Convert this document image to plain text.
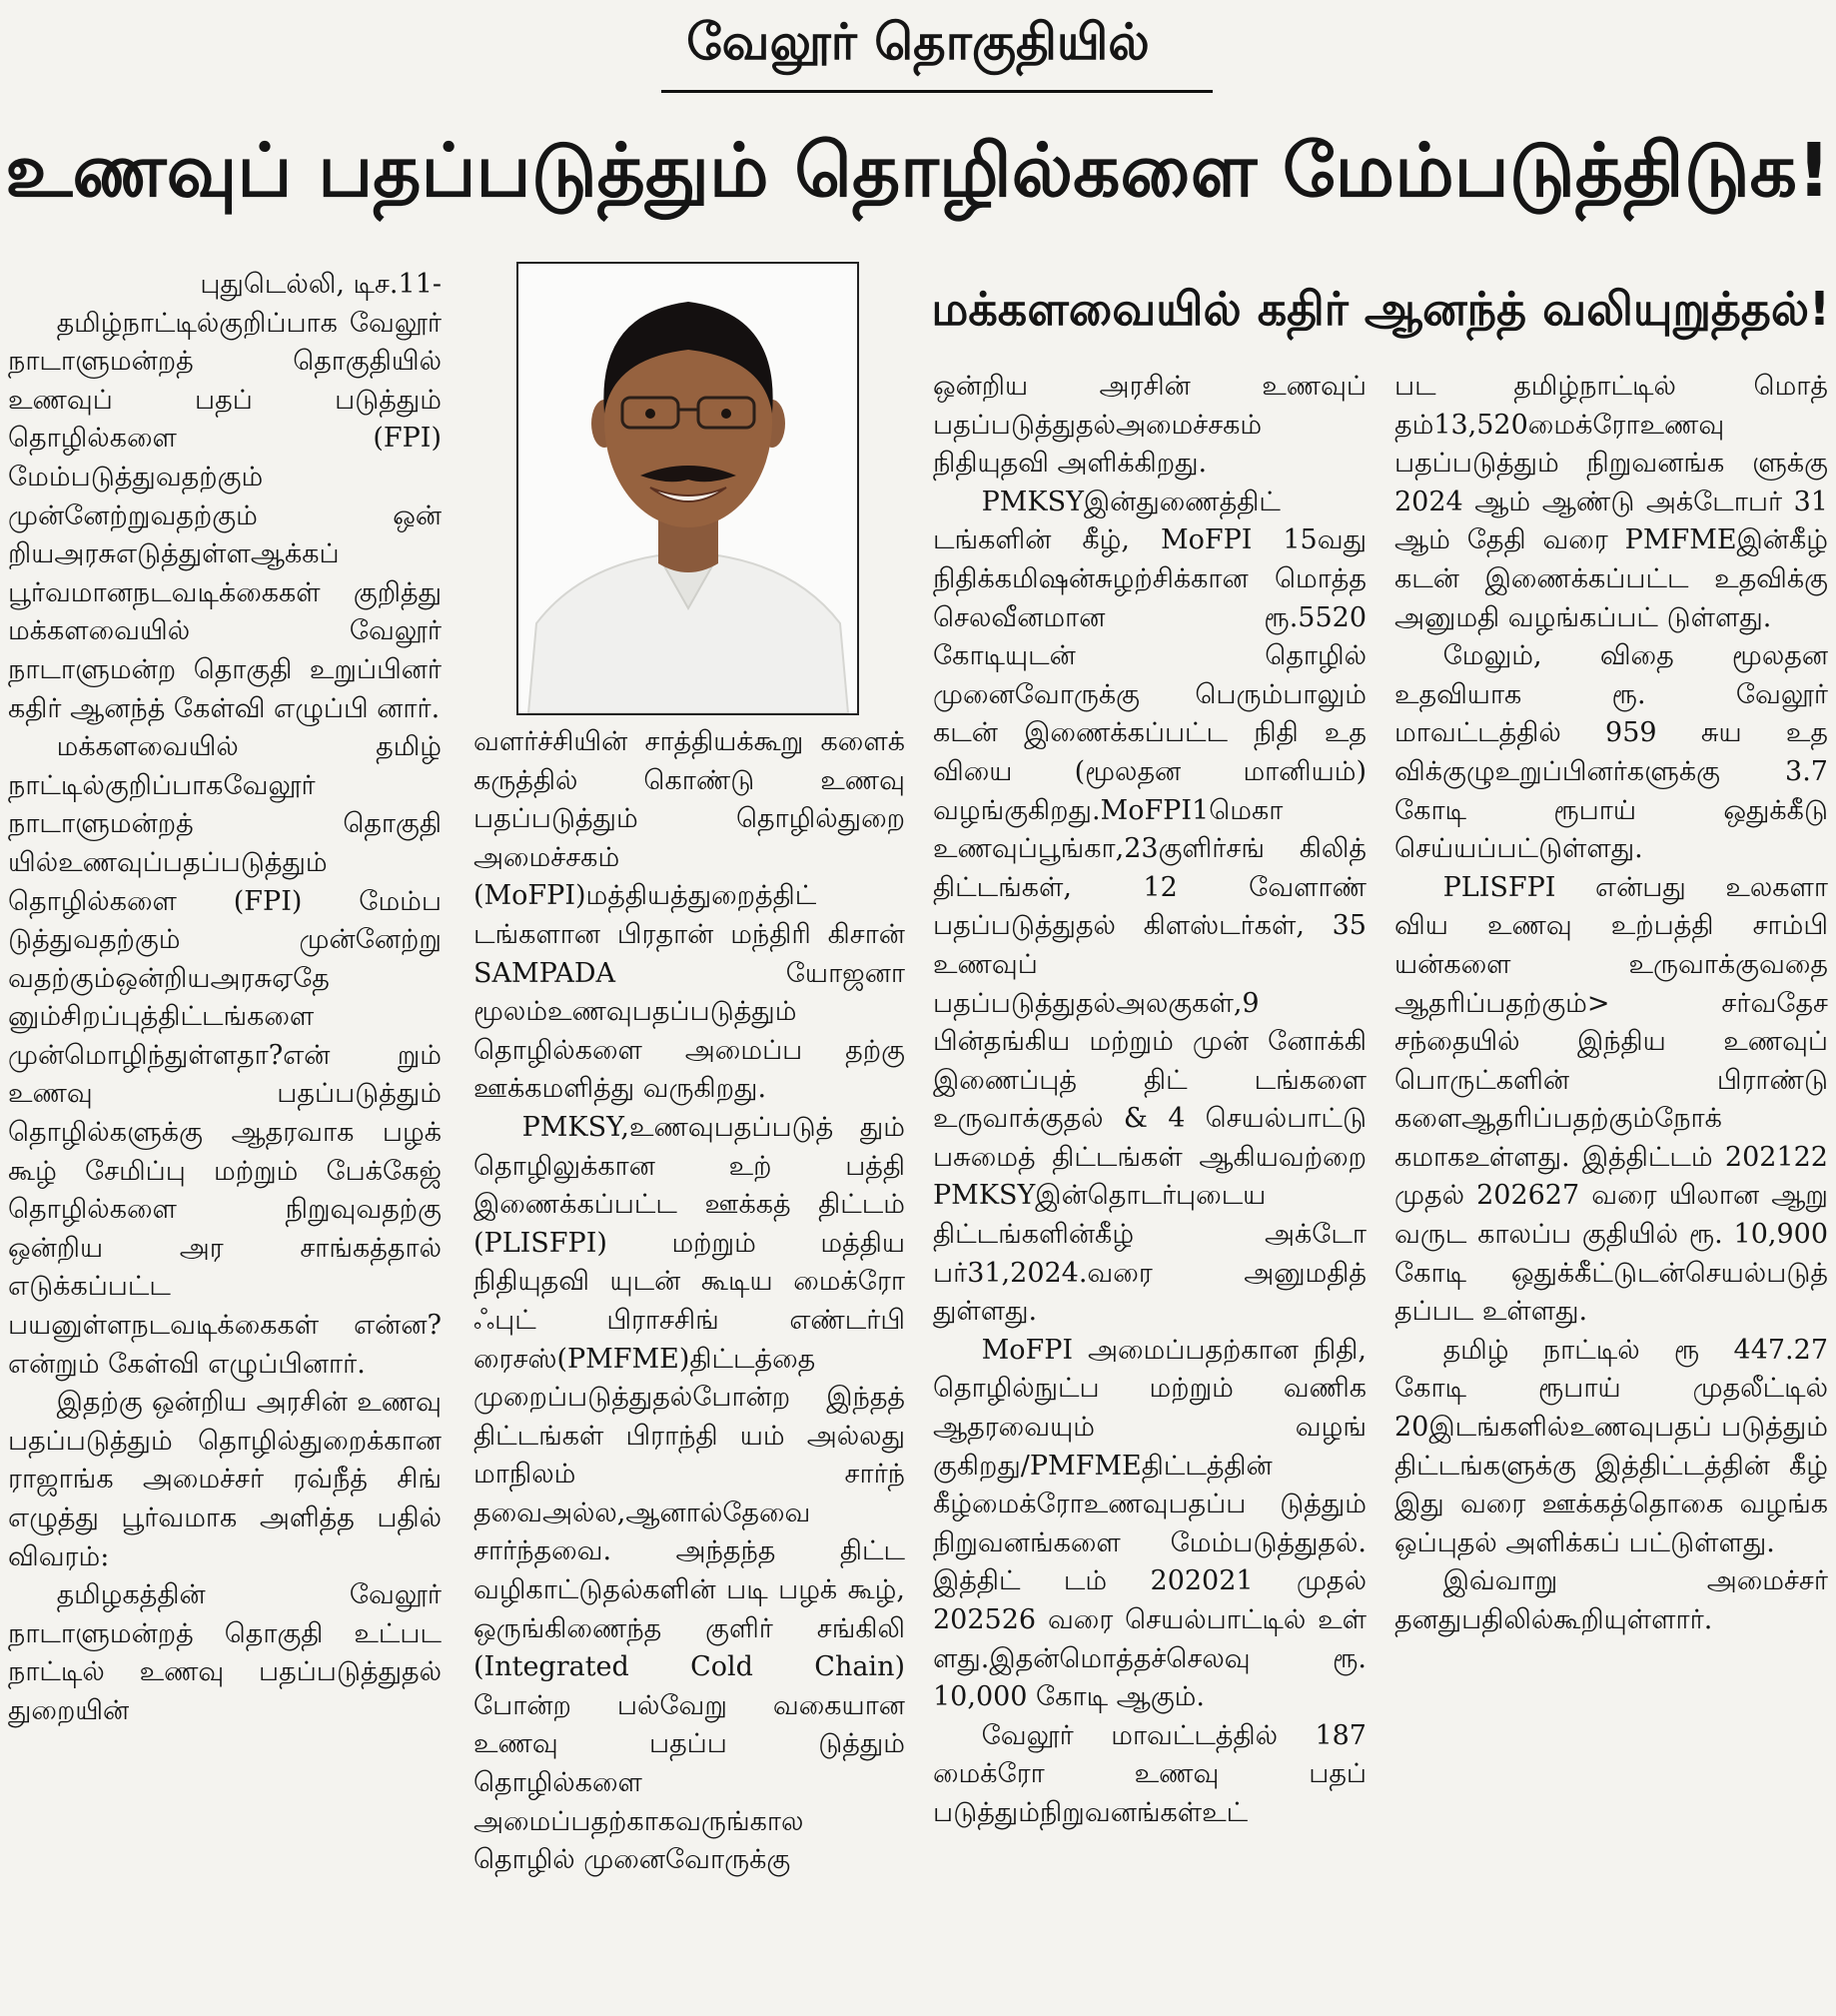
வேலூர் தொகுதியில்
உணவுப் பதப்படுத்தும் தொழில்களை மேம்படுத்திடுக!
மக்களவையில் கதிர் ஆனந்த் வலியுறுத்தல்!

புதுடெல்லி, டிச.11-

தமிழ்நாட்டில்குறிப்பாக வேலூர் நாடாளுமன்றத் தொகுதியில் உணவுப் பதப் படுத்தும் தொழில்களை (FPI) மேம்படுத்துவதற்கும் முன்னேற்றுவதற்கும் ஒன் றியஅரசுஎடுத்துள்ளஆக்கப் பூர்வமானநடவடிக்கைகள் குறித்து மக்களவையில் வேலூர் நாடாளுமன்ற தொகுதி உறுப்பினர் கதிர் ஆனந்த் கேள்வி எழுப்பி னார்.

மக்களவையில் தமிழ் நாட்டில்குறிப்பாகவேலூர் நாடாளுமன்றத் தொகுதி யில்உணவுப்பதப்படுத்தும் தொழில்களை (FPI) மேம்ப டுத்துவதற்கும் முன்னேற்று வதற்கும்ஒன்றியஅரசுஏதே னும்சிறப்புத்திட்டங்களை முன்மொழிந்துள்ளதா?என் றும் உணவு பதப்படுத்தும் தொழில்களுக்கு ஆதரவாக பழக் கூழ் சேமிப்பு மற்றும் பேக்கேஜ் தொழில்களை நிறுவுவதற்கு ஒன்றிய அர சாங்கத்தால் எடுக்கப்பட்ட பயனுள்ளநடவடிக்கைகள் என்ன? என்றும் கேள்வி எழுப்பினார்.

இதற்கு ஒன்றிய அரசின் உணவு பதப்படுத்தும் தொழில்துறைக்கான ராஜாங்க அமைச்சர் ரவ்நீத் சிங் எழுத்து பூர்வமாக அளித்த பதில் விவரம்:

தமிழகத்தின் வேலூர் நாடாளுமன்றத் தொகுதி உட்பட நாட்டில் உணவு பதப்படுத்துதல் துறையின்

வளர்ச்சியின் சாத்தியக்கூறு களைக் கருத்தில் கொண்டு உணவு பதப்படுத்தும் தொழில்துறை அமைச்சகம் (MoFPI)மத்தியத்துறைத்திட் டங்களான பிரதான் மந்திரி கிசான் SAMPADA யோஜனா மூலம்உணவுபதப்படுத்தும் தொழில்களை அமைப்ப தற்கு ஊக்கமளித்து வருகிறது.

PMKSY,உணவுபதப்படுத் தும் தொழிலுக்கான உற் பத்தி இணைக்கப்பட்ட ஊக்கத் திட்டம் (PLISFPI) மற்றும் மத்திய நிதியுதவி யுடன் கூடிய மைக்ரோ ஃபுட் பிராசசிங் எண்டர்பி ரைசஸ்(PMFME)திட்டத்தை முறைப்படுத்துதல்போன்ற இந்தத் திட்டங்கள் பிராந்தி யம் அல்லது மாநிலம் சார்ந் தவைஅல்ல,ஆனால்தேவை சார்ந்தவை. அந்தந்த திட்ட வழிகாட்டுதல்களின் படி பழக் கூழ், ஒருங்கிணைந்த குளிர் சங்கிலி (Integrated Cold Chain) போன்ற பல்வேறு வகையான உணவு பதப்ப டுத்தும் தொழில்களை அமைப்பதற்காகவருங்கால தொழில் முனைவோருக்கு

ஒன்றிய அரசின் உணவுப் பதப்படுத்துதல்அமைச்சகம் நிதியுதவி அளிக்கிறது.

PMKSYஇன்துணைத்திட் டங்களின் கீழ், MoFPI 15வது நிதிக்கமிஷன்சுழற்சிக்கான மொத்த செலவீனமான ரூ.5520 கோடியுடன் தொழில் முனைவோருக்கு பெரும்பாலும் கடன் இணைக்கப்பட்ட நிதி உத வியை (மூலதன மானியம்) வழங்குகிறது.MoFPI1மெகா உணவுப்பூங்கா,23குளிர்சங் கிலித் திட்டங்கள், 12 வேளாண் பதப்படுத்துதல் கிளஸ்டர்கள், 35 உணவுப் பதப்படுத்துதல்அலகுகள்,9 பின்தங்கிய மற்றும் முன் னோக்கி இணைப்புத் திட் டங்களை உருவாக்குதல் & 4 செயல்பாட்டு பசுமைத் திட்டங்கள் ஆகியவற்றை PMKSYஇன்தொடர்புடைய திட்டங்களின்கீழ் அக்டோ பர்31,2024.வரை அனுமதித் துள்ளது.

MoFPI அமைப்பதற்கான நிதி, தொழில்நுட்ப மற்றும் வணிக ஆதரவையும் வழங் குகிறது/PMFMEதிட்டத்தின் கீழ்மைக்ரோஉணவுபதப்ப டுத்தும் நிறுவனங்களை மேம்படுத்துதல். இத்திட் டம் 202021 முதல் 202526 வரை செயல்பாட்டில் உள் ளது.இதன்மொத்தச்செலவு ரூ. 10,000 கோடி ஆகும்.

வேலூர் மாவட்டத்தில் 187 மைக்ரோ உணவு பதப் படுத்தும்நிறுவனங்கள்உட்

பட தமிழ்நாட்டில் மொத் தம்13,520மைக்ரோஉணவு பதப்படுத்தும் நிறுவனங்க ளுக்கு 2024 ஆம் ஆண்டு அக்டோபர் 31 ஆம் தேதி வரை PMFMEஇன்கீழ் கடன் இணைக்கப்பட்ட உதவிக்கு அனுமதி வழங்கப்பட் டுள்ளது.

மேலும், விதை மூலதன உதவியாக ரூ. வேலூர் மாவட்டத்தில் 959 சுய உத விக்குழுஉறுப்பினர்களுக்கு 3.7 கோடி ரூபாய் ஒதுக்கீடு செய்யப்பட்டுள்ளது.

PLISFPI என்பது உலகளா விய உணவு உற்பத்தி சாம்பி யன்களை உருவாக்குவதை ஆதரிப்பதற்கும்> சர்வதேச சந்தையில் இந்திய உணவுப் பொருட்களின் பிராண்டு களைஆதரிப்பதற்கும்நோக் கமாகஉள்ளது. இத்திட்டம் 202122 முதல் 202627 வரை யிலான ஆறு வருட காலப்ப குதியில் ரூ. 10,900 கோடி ஒதுக்கீட்டுடன்செயல்படுத் தப்பட உள்ளது.

தமிழ் நாட்டில் ரூ 447.27 கோடி ரூபாய் முதலீட்டில் 20இடங்களில்உணவுபதப் படுத்தும் திட்டங்களுக்கு இத்திட்டத்தின் கீழ் இது வரை ஊக்கத்தொகை வழங்க ஒப்புதல் அளிக்கப் பட்டுள்ளது.

இவ்வாறு அமைச்சர் தனதுபதிலில்கூறியுள்ளார்.
